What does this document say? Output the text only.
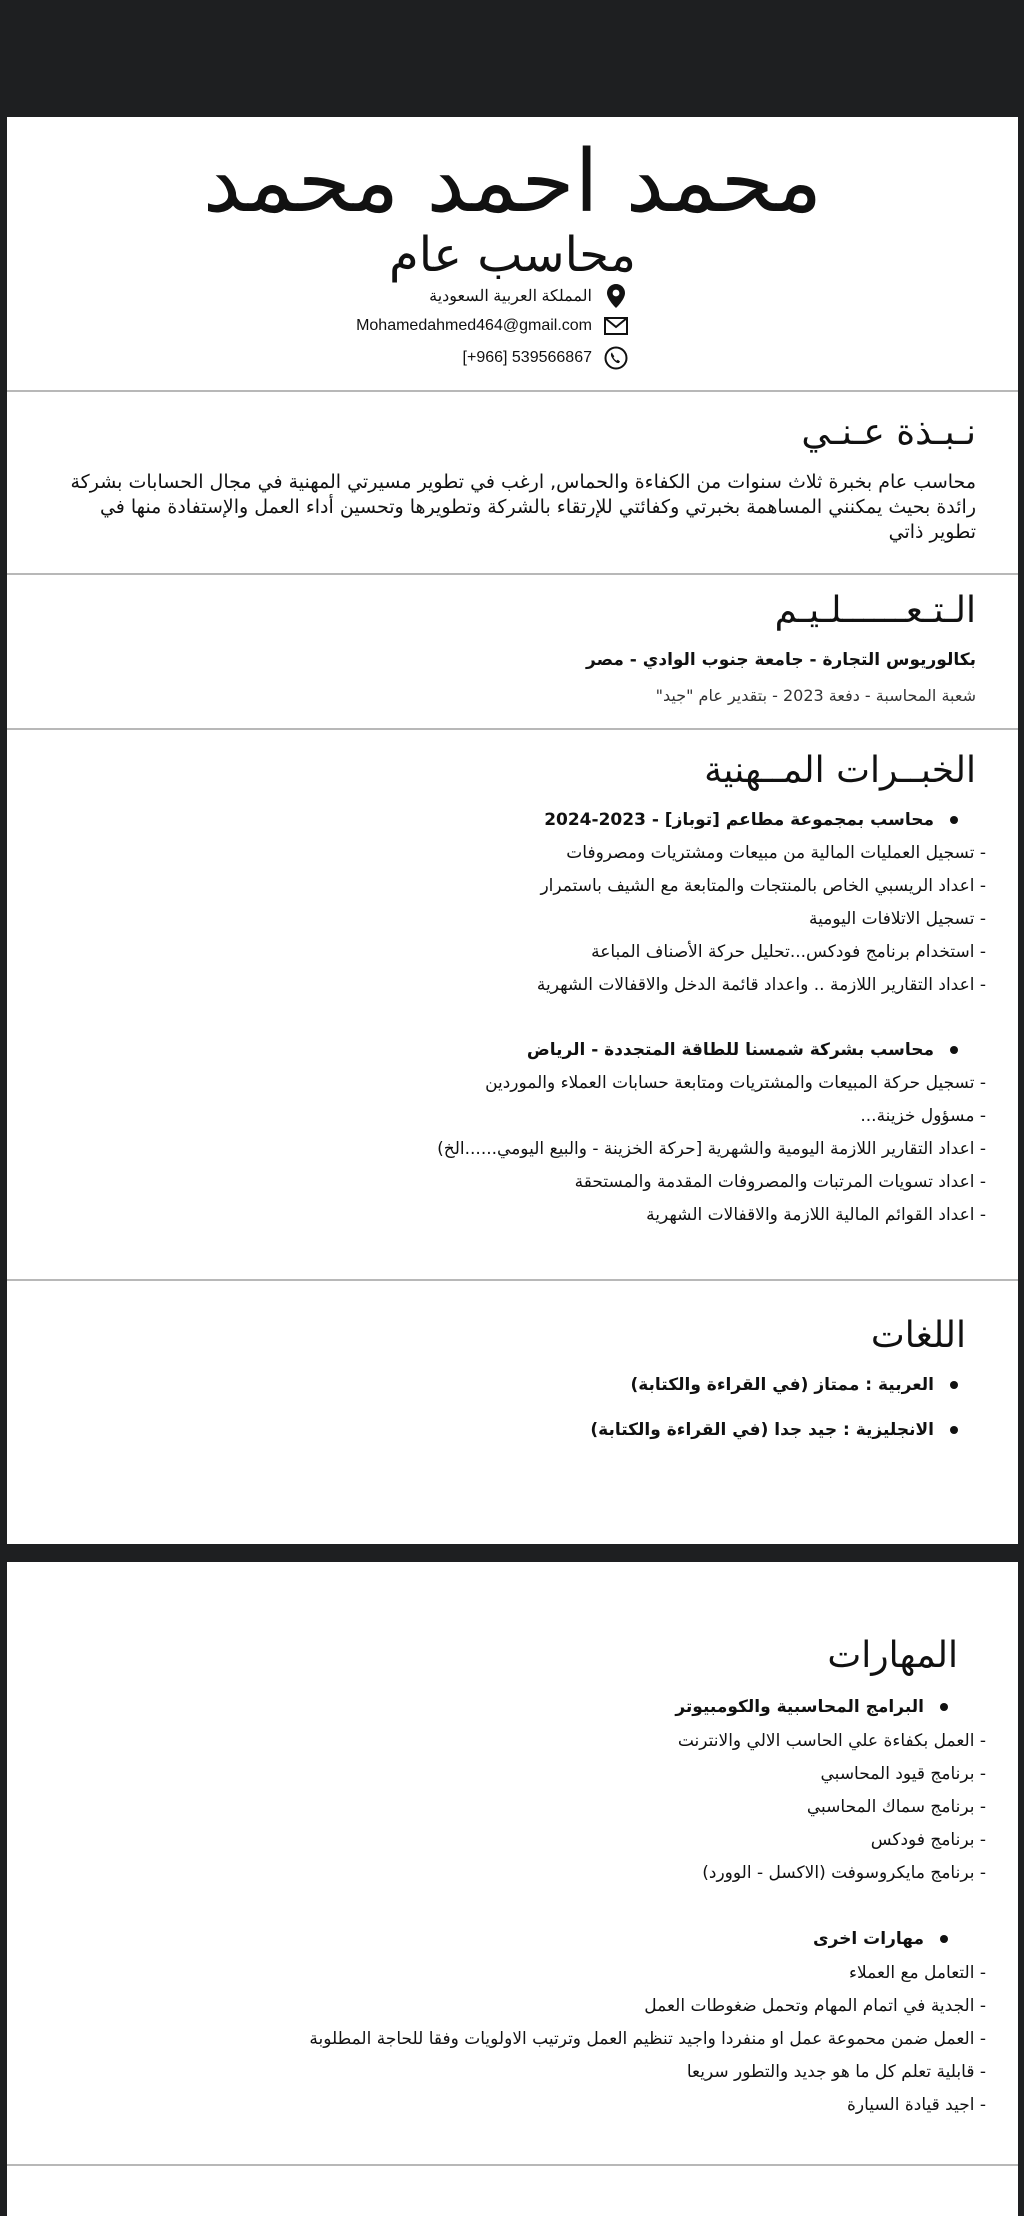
محمد احمد محمد
محاسب عام
المملكة العربية السعودية
Mohamedahmed464@gmail.com
[+966] 539566867
نـبـذة عـنـي
محاسب عام بخبرة ثلاث سنوات من الكفاءة والحماس, ارغب في تطوير مسيرتي المهنية في مجال الحسابات بشركة رائدة بحيث يمكنني المساهمة بخبرتي وكفائتي للإرتقاء بالشركة وتطويرها وتحسين أداء العمل والإستفادة منها في تطوير ذاتي
الـتـعــــــلـيـم
بكالوريوس التجارة - جامعة جنوب الوادي - مصر
شعبة المحاسبة - دفعة 2023 - بتقدير عام "جيد"
الخبــرات المــهنية
محاسب بمجموعة مطاعم [توباز] - 2023-2024
- تسجيل العمليات المالية من مبيعات ومشتريات ومصروفات
- اعداد الريسبي الخاص بالمنتجات والمتابعة مع الشيف باستمرار
- تسجيل الاتلافات اليومية
- استخدام برنامج فودكس...تحليل حركة الأصناف المباعة
- اعداد التقارير اللازمة .. واعداد قائمة الدخل والاقفالات الشهرية
محاسب بشركة شمسنا للطاقة المتجددة - الرياض
- تسجيل حركة المبيعات والمشتريات ومتابعة حسابات العملاء والموردين
- مسؤول خزينة...
- اعداد التقارير اللازمة اليومية والشهرية [حركة الخزينة - والبيع اليومي......الخ)
- اعداد تسويات المرتبات والمصروفات المقدمة والمستحقة
- اعداد القوائم المالية اللازمة والاقفالات الشهرية
اللغات
العربية : ممتاز (في القراءة والكتابة)
الانجليزية : جيد جدا (في القراءة والكتابة)
المهارات
البرامج المحاسبية والكومبيوتر
- العمل بكفاءة علي الحاسب الالي والانترنت
- برنامج قيود المحاسبي
- برنامج سماك المحاسبي
- برنامج فودكس
- برنامج مايكروسوفت (الاكسل - الوورد)
مهارات اخرى
- التعامل مع العملاء
- الجدية في اتمام المهام وتحمل ضغوطات العمل
- العمل ضمن محموعة عمل او منفردا واجيد تنظيم العمل وترتيب الاولويات وفقا للحاجة المطلوبة
- قابلية تعلم كل ما هو جديد والتطور سريعا
- اجيد قيادة السيارة
